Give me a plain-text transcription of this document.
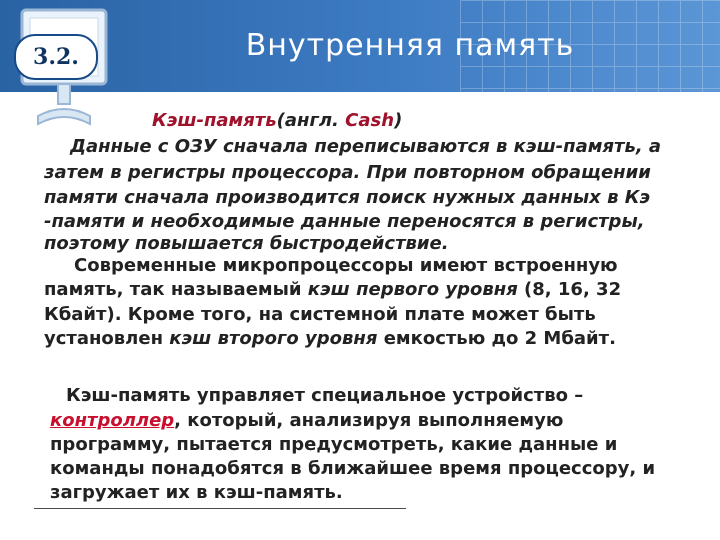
Внутренняя память
3.2.
Кэш-память(англ. Cash)
Данные с ОЗУ сначала переписываются в кэш-память, а
затем в регистры процессора. При повторном обращении
памяти сначала производится поиск нужных данных в Кэ
-памяти и необходимые данные переносятся в регистры,
поэтому повышается быстродействие.
Современные микропроцессоры имеют встроенную
память, так называемый кэш первого уровня (8, 16, 32
Кбайт). Кроме того, на системной плате может быть
установлен кэш второго уровня емкостью до 2 Мбайт.
Кэш-память управляет специальное устройство –
контроллер, который, анализируя выполняемую
программу, пытается предусмотреть, какие данные и
команды понадобятся в ближайшее время процессору, и
загружает их в кэш-память.
